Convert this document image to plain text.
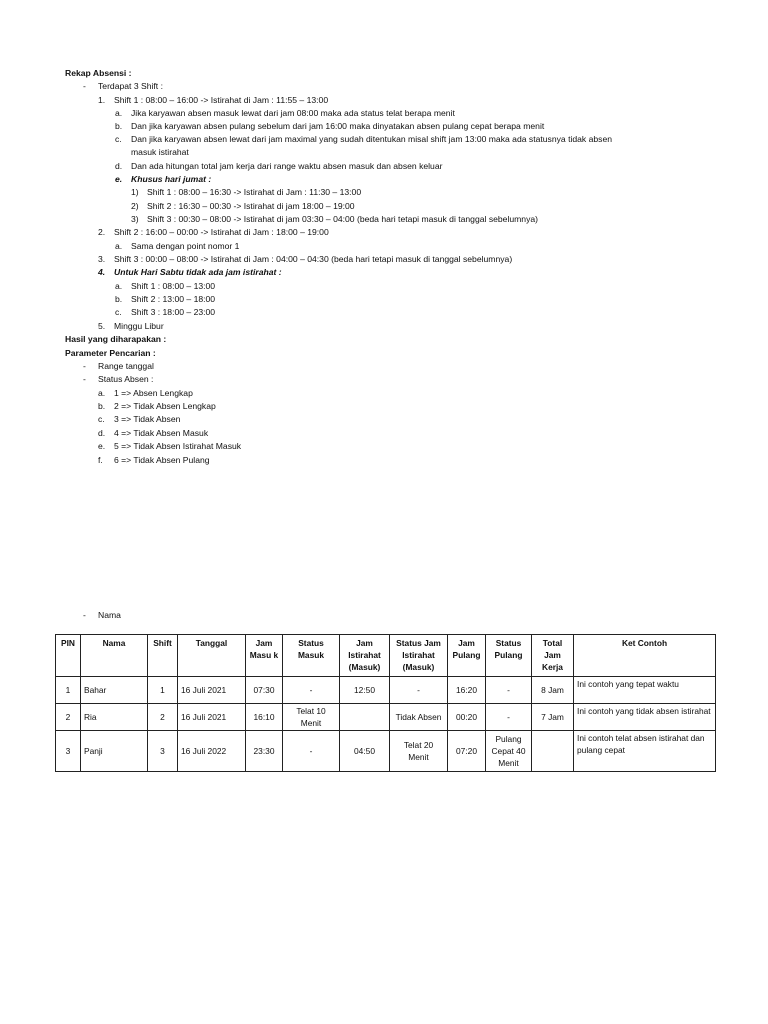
Rekap Absensi :
- Terdapat 3 Shift :
1. Shift 1 : 08:00 – 16:00 -> Istirahat di Jam : 11:55 – 13:00
a. Jika karyawan absen masuk lewat dari jam 08:00 maka ada status telat berapa menit
b. Dan jika karyawan absen pulang sebelum dari jam 16:00 maka dinyatakan absen pulang cepat berapa menit
c. Dan jika karyawan absen lewat dari jam maximal yang sudah ditentukan misal shift jam 13:00 maka ada statusnya tidak absen
masuk istirahat
d. Dan ada hitungan total jam kerja dari range waktu absen masuk dan absen keluar
e. Khusus hari jumat :
1) Shift 1 : 08:00 – 16:30 -> Istirahat di Jam : 11:30 – 13:00
2) Shift 2 : 16:30 – 00:30 -> Istirahat di jam 18:00 – 19:00
3) Shift 3 : 00:30 – 08:00 -> Istirahat di jam 03:30 – 04:00 (beda hari tetapi masuk di tanggal sebelumnya)
2. Shift 2 : 16:00 – 00:00 -> Istirahat di Jam : 18:00 – 19:00
a. Sama dengan point nomor 1
3. Shift 3 : 00:00 – 08:00 -> Istirahat di Jam : 04:00 – 04:30 (beda hari tetapi masuk di tanggal sebelumnya)
4. Untuk Hari Sabtu tidak ada jam istirahat :
a. Shift 1 : 08:00 – 13:00
b. Shift 2 : 13:00 – 18:00
c. Shift 3 : 18:00 – 23:00
5. Minggu Libur
Hasil yang diharapakan :
Parameter Pencarian :
- Range tanggal
- Status Absen :
a. 1 => Absen Lengkap
b. 2 => Tidak Absen Lengkap
c. 3 => Tidak Absen
d. 4 => Tidak Absen Masuk
e. 5 => Tidak Absen Istirahat Masuk
f. 6 => Tidak Absen Pulang
- Nama
PIN	Nama	Shift	Tanggal	Jam Masu k	Status Masuk	Jam Istirahat (Masuk)	Status Jam Istirahat (Masuk)	Jam Pulang	Status Pulang	Total Jam Kerja	Ket Contoh
1	Bahar	1	16 Juli 2021	07:30	-	12:50	-	16:20	-	8 Jam	Ini contoh yang tepat waktu
2	Ria	2	16 Juli 2021	16:10	Telat 10 Menit		Tidak Absen	00:20	-	7 Jam	Ini contoh yang tidak absen istirahat
3	Panji	3	16 Juli 2022	23:30	-	04:50	Telat 20 Menit	07:20	Pulang Cepat 40 Menit		Ini contoh telat absen istirahat dan pulang cepat
